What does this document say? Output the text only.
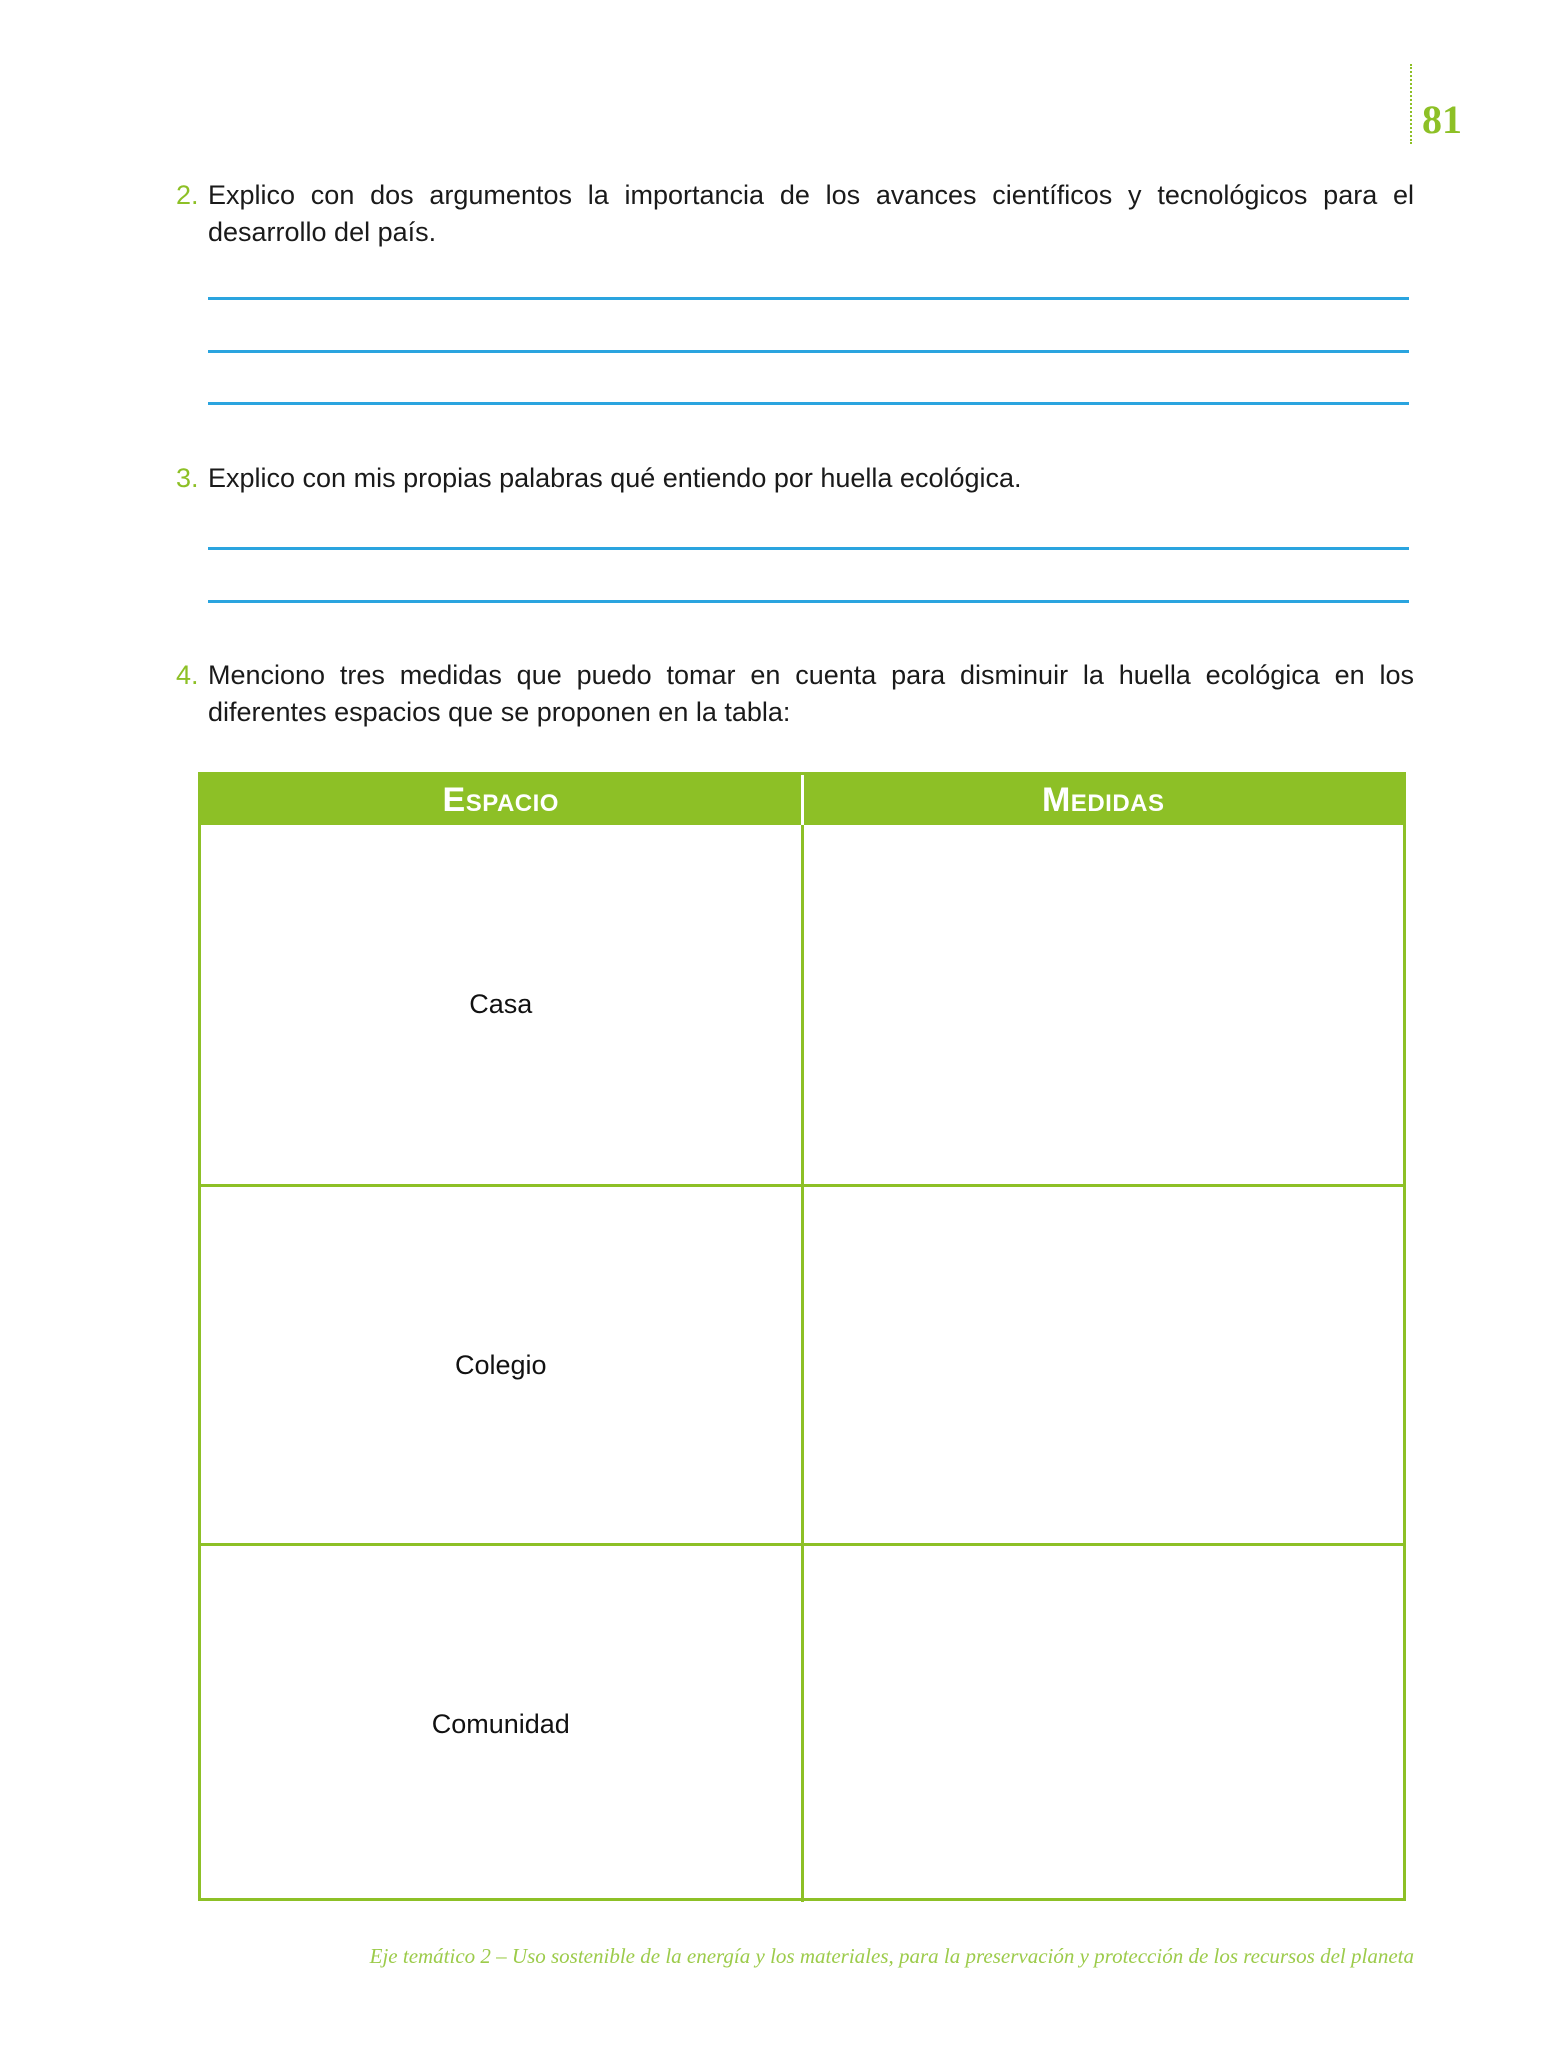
81
2. Explico con dos argumentos la importancia de los avances científicos y tecnológicos para el desarrollo del país.
3. Explico con mis propias palabras qué entiendo por huella ecológica.
4. Menciono tres medidas que puedo tomar en cuenta para disminuir la huella ecológica en los diferentes espacios que se proponen en la tabla:
Espacio	Medidas
Casa
Colegio
Comunidad
Eje temático 2 – Uso sostenible de la energía y los materiales, para la preservación y protección de los recursos del planeta
